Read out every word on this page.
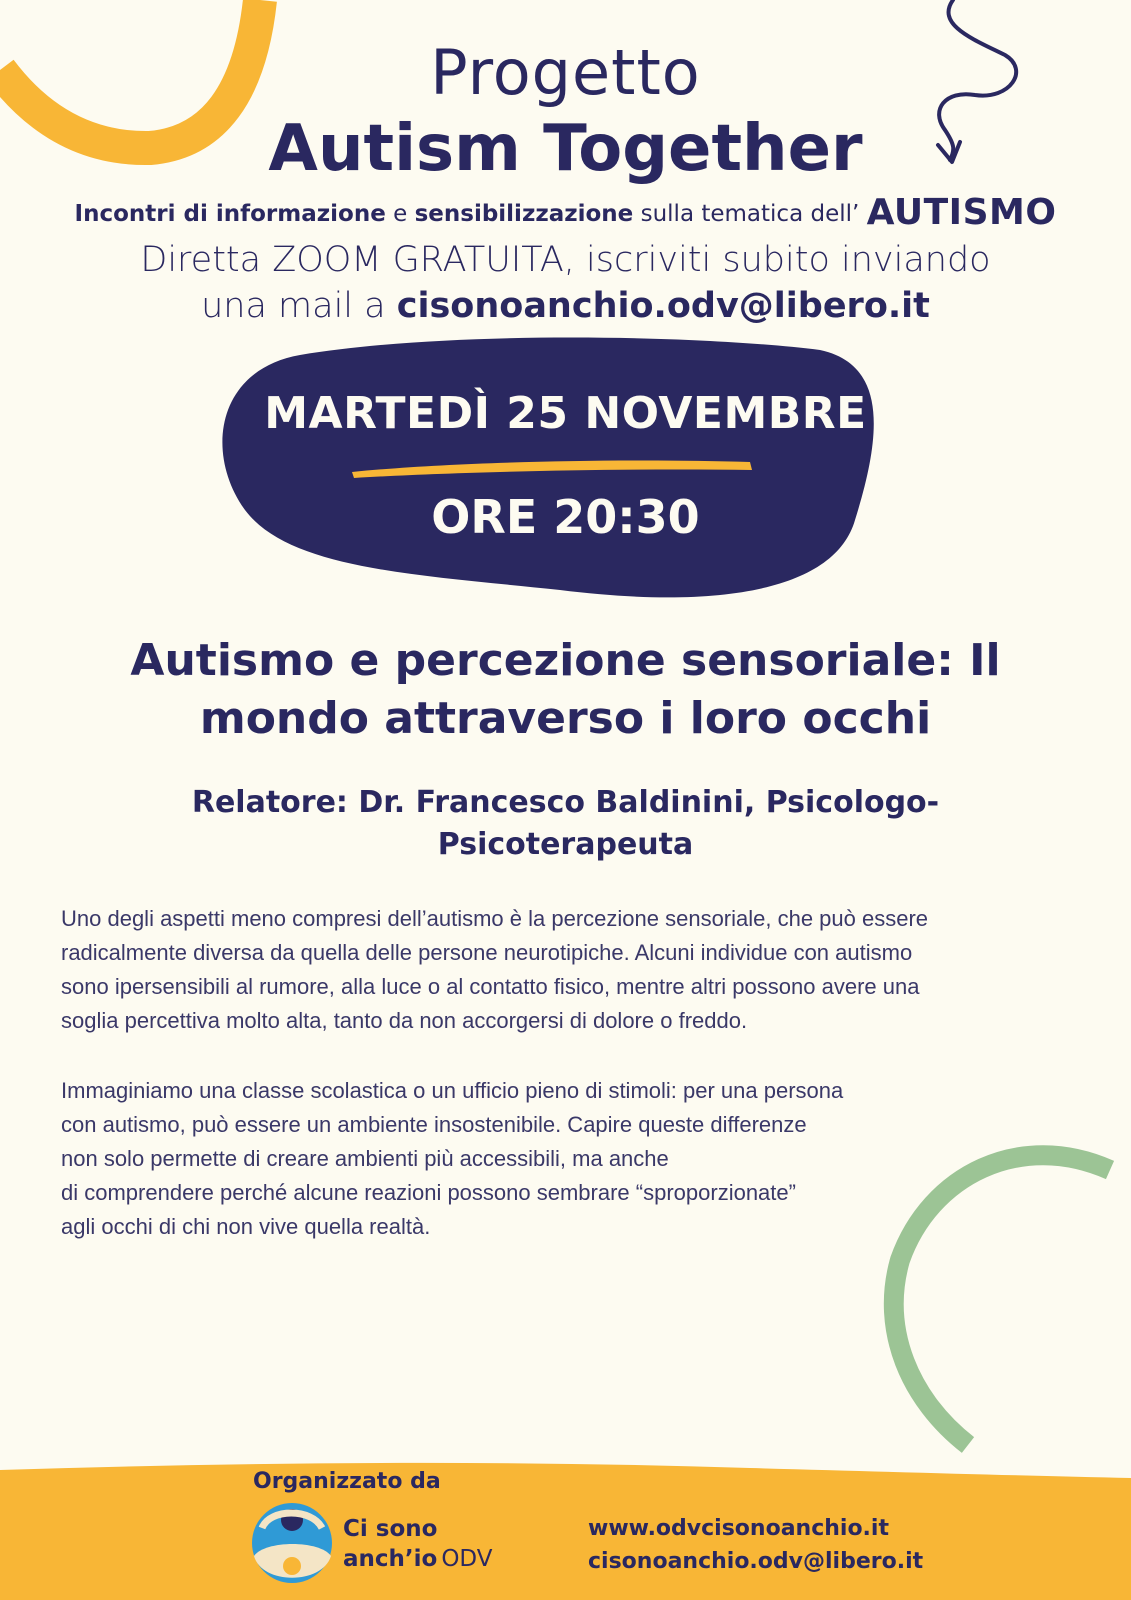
Progetto
Autism Together
Incontri di informazione e sensibilizzazione sulla tematica dell’ AUTISMO
Diretta ZOOM GRATUITA, iscriviti subito inviando
una mail a cisonoanchio.odv@libero.it
MARTEDÌ 25 NOVEMBRE
ORE 20:30
Autismo e percezione sensoriale: Il
mondo attraverso i loro occhi
Relatore: Dr. Francesco Baldinini, Psicologo-
Psicoterapeuta
Uno degli aspetti meno compresi dell’autismo è la percezione sensoriale, che può essere
radicalmente diversa da quella delle persone neurotipiche. Alcuni individue con autismo
sono ipersensibili al rumore, alla luce o al contatto fisico, mentre altri possono avere una
soglia percettiva molto alta, tanto da non accorgersi di dolore o freddo.
Immaginiamo una classe scolastica o un ufficio pieno di stimoli: per una persona
con autismo, può essere un ambiente insostenibile. Capire queste differenze
non solo permette di creare ambienti più accessibili, ma anche
di comprendere perché alcune reazioni possono sembrare “sproporzionate”
agli occhi di chi non vive quella realtà.
Organizzato da
Ci sono
anch’io ODV
www.odvcisonoanchio.it
cisonoanchio.odv@libero.it
